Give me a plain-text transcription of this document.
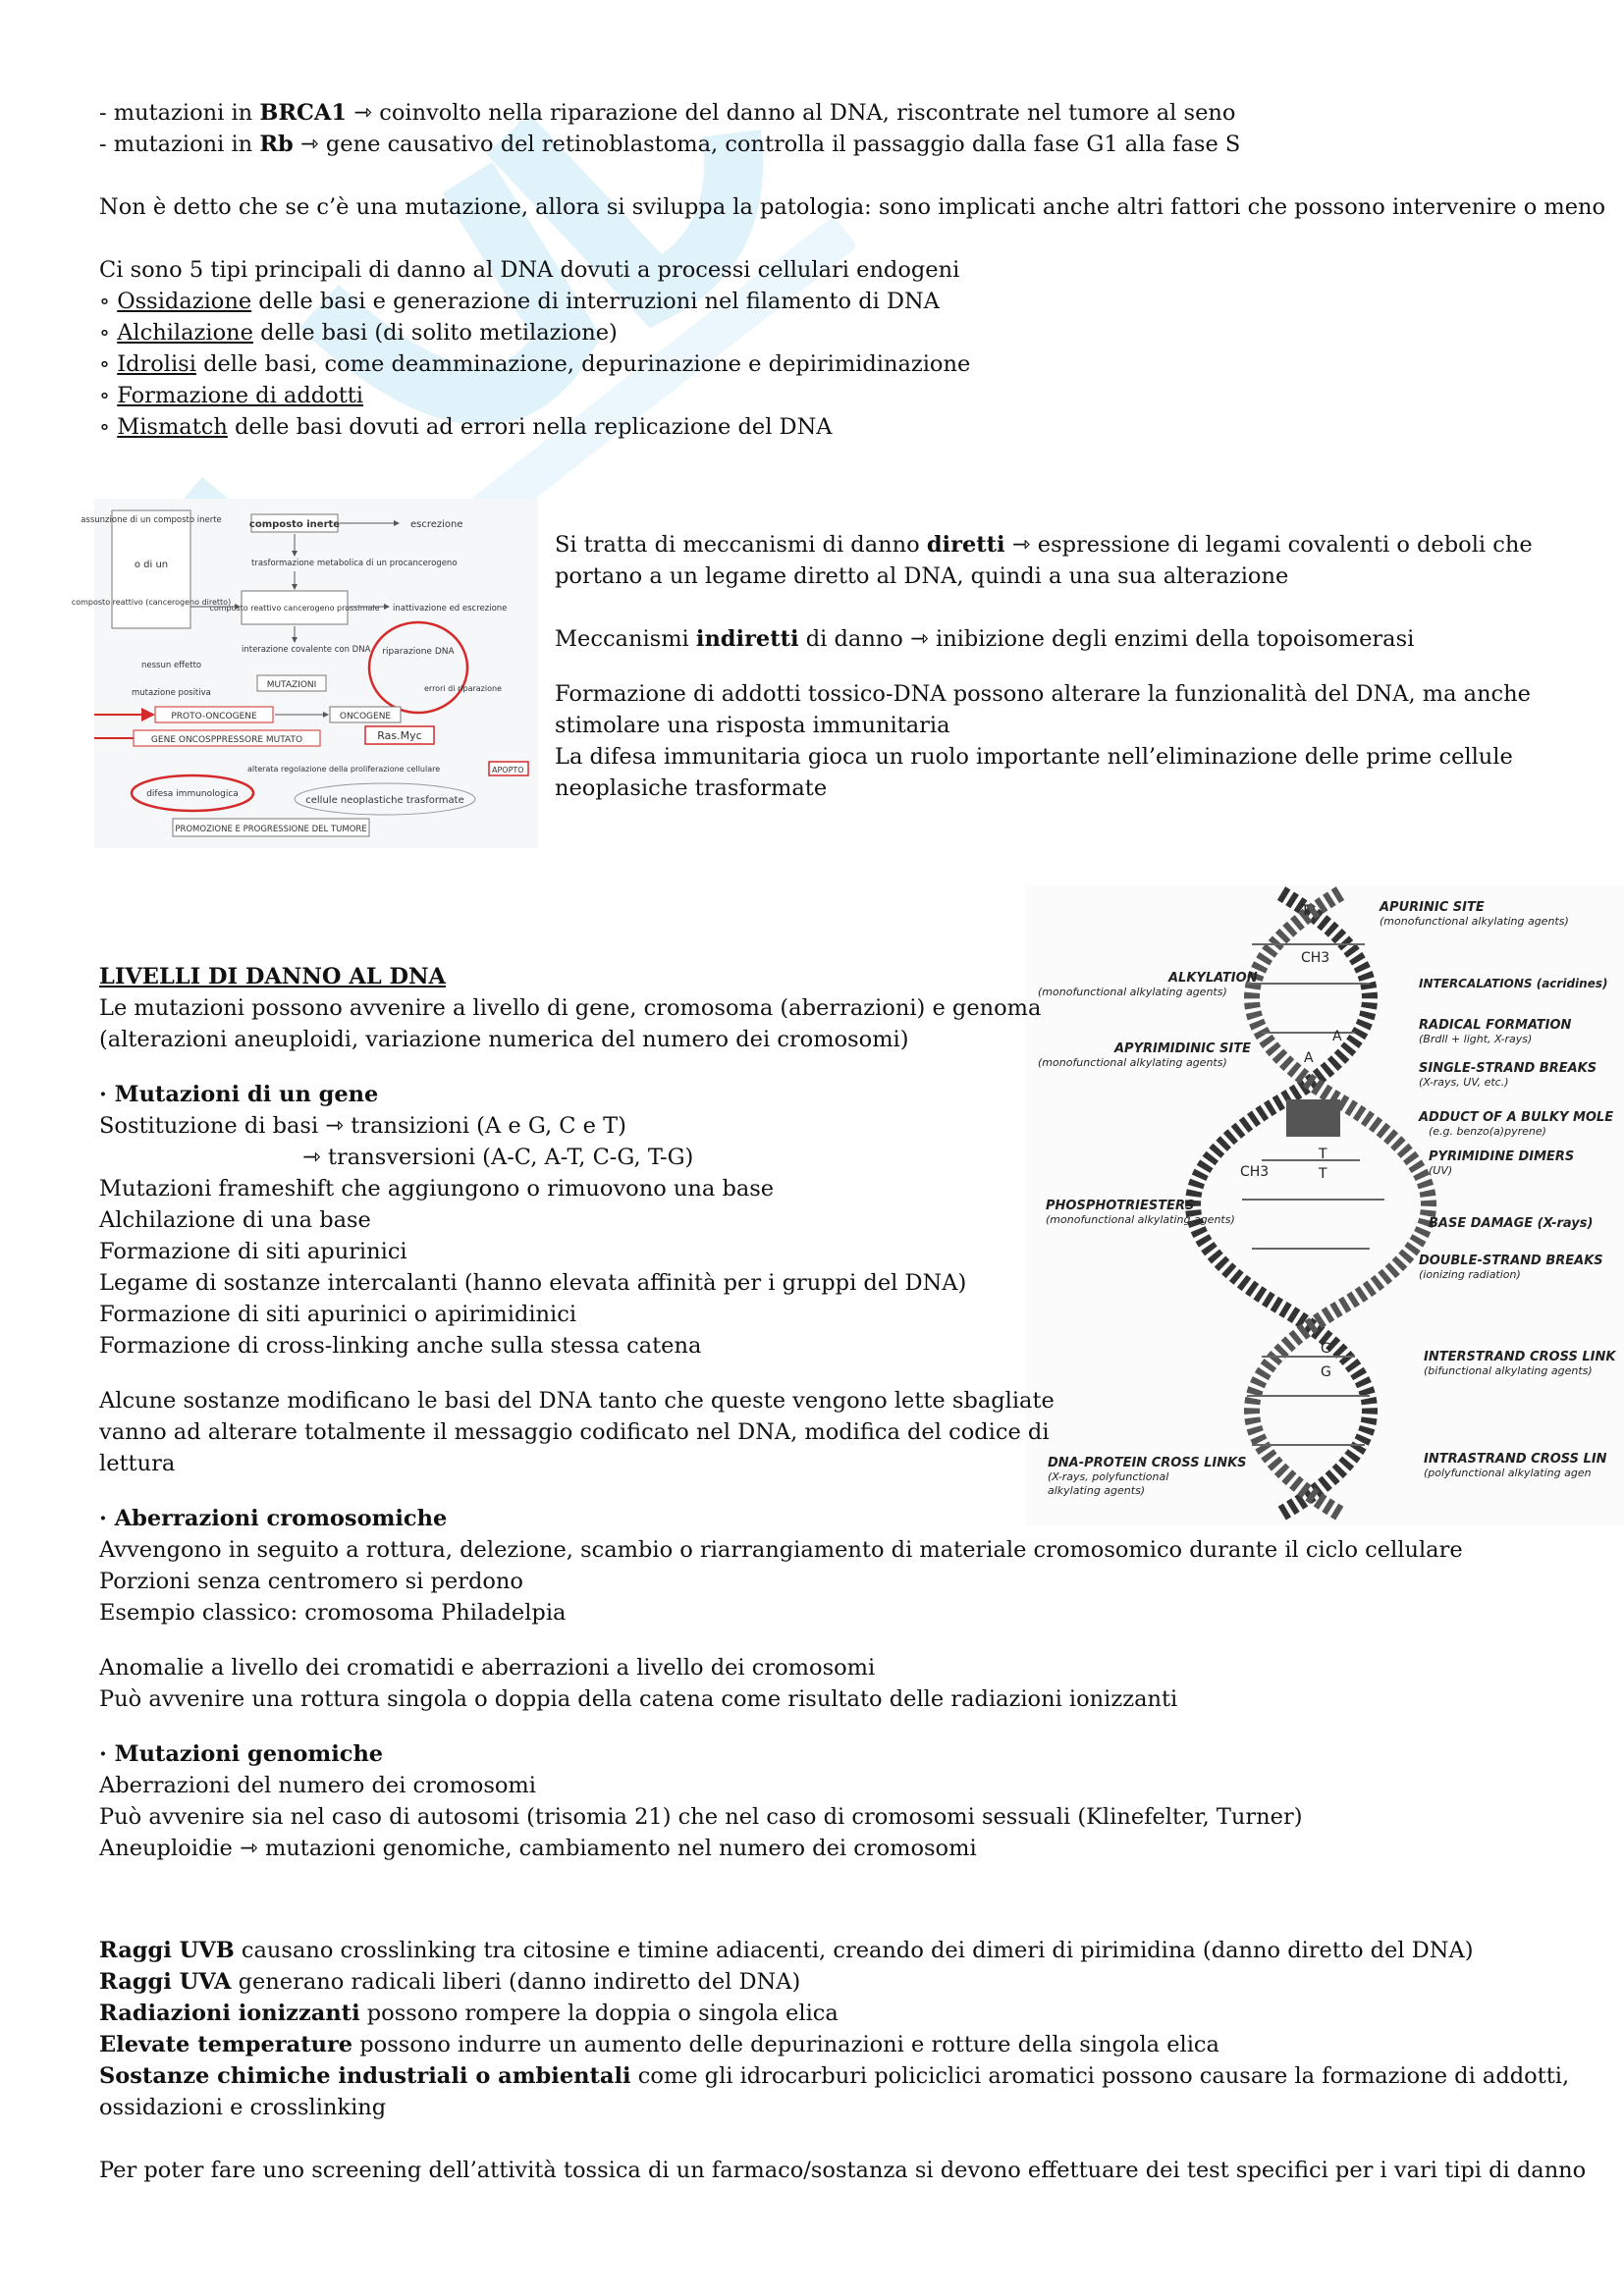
- mutazioni in BRCA1 ⇾ coinvolto nella riparazione del danno al DNA, riscontrate nel tumore al seno
- mutazioni in Rb ⇾ gene causativo del retinoblastoma, controlla il passaggio dalla fase G1 alla fase S
Non è detto che se c’è una mutazione, allora si sviluppa la patologia: sono implicati anche altri fattori che possono intervenire o meno
Ci sono 5 tipi principali di danno al DNA dovuti a processi cellulari endogeni
∘ Ossidazione delle basi e generazione di interruzioni nel filamento di DNA
∘ Alchilazione delle basi (di solito metilazione)
∘ Idrolisi delle basi, come deamminazione, depurinazione e depirimidinazione
∘ Formazione di addotti
∘ Mismatch delle basi dovuti ad errori nella replicazione del DNA
assunzione di un composto inerte
o di un
composto reattivo (cancerogeno diretto)
composto inerte	escrezione
trasformazione metabolica di un procancerogeno
composto reattivo cancerogeno prossimale inattivazione ed escrezione
interazione covalente con DNA riparazione DNA
nessun effetto
MUTAZIONI	errori di riparazione
mutazione positiva
PROTO-ONCOGENE	ONCOGENE
Ras.Myc
GENE ONCOSPPRESSORE MUTATO
APOPTO
alterata regolazione della proliferazione cellulare
difesa immunologica
cellule neoplastiche trasformate
PROMOZIONE E PROGRESSIONE DEL TUMORE
Si tratta di meccanismi di danno diretti ⇾ espressione di legami covalenti o deboli che
portano a un legame diretto al DNA, quindi a una sua alterazione
Meccanismi indiretti di danno ⇾ inibizione degli enzimi della topoisomerasi
Formazione di addotti tossico-DNA possono alterare la funzionalità del DNA, ma anche
stimolare una risposta immunitaria
La difesa immunitaria gioca un ruolo importante nell’eliminazione delle prime cellule
neoplasiche trasformate
T
CH3
A
A
T
T
CH3
G
G
APURINIC SITE
(monofunctional alkylating agents)
ALKYLATION
(monofunctional alkylating agents)
INTERCALATIONS (acridines)
APYRIMIDINIC SITE
(monofunctional alkylating agents)
RADICAL FORMATION
(Brdll + light, X-rays)
SINGLE-STRAND BREAKS
(X-rays, UV, etc.)
ADDUCT OF A BULKY MOLE
(e.g. benzo(a)pyrene)
PYRIMIDINE DIMERS
(UV)
PHOSPHOTRIESTERS
(monofunctional alkylating agents)	BASE DAMAGE (X-rays)
DOUBLE-STRAND BREAKS
(ionizing radiation)
INTERSTRAND CROSS LINK
(bifunctional alkylating agents)
DNA-PROTEIN CROSS LINKS
(X-rays, polyfunctional
alkylating agents)
INTRASTRAND CROSS LIN
(polyfunctional alkylating agen
LIVELLI DI DANNO AL DNA
Le mutazioni possono avvenire a livello di gene, cromosoma (aberrazioni) e genoma
(alterazioni aneuploidi, variazione numerica del numero dei cromosomi)
· Mutazioni di un gene
Sostituzione di basi ⇾ transizioni (A e G, C e T)
⇾ transversioni (A-C, A-T, C-G, T-G)
Mutazioni frameshift che aggiungono o rimuovono una base
Alchilazione di una base
Formazione di siti apurinici
Legame di sostanze intercalanti (hanno elevata affinità per i gruppi del DNA)
Formazione di siti apurinici o apirimidinici
Formazione di cross-linking anche sulla stessa catena
Alcune sostanze modificano le basi del DNA tanto che queste vengono lette sbagliate
vanno ad alterare totalmente il messaggio codificato nel DNA, modifica del codice di
lettura
· Aberrazioni cromosomiche
Avvengono in seguito a rottura, delezione, scambio o riarrangiamento di materiale cromosomico durante il ciclo cellulare
Porzioni senza centromero si perdono
Esempio classico: cromosoma Philadelpia
Anomalie a livello dei cromatidi e aberrazioni a livello dei cromosomi
Può avvenire una rottura singola o doppia della catena come risultato delle radiazioni ionizzanti
· Mutazioni genomiche
Aberrazioni del numero dei cromosomi
Può avvenire sia nel caso di autosomi (trisomia 21) che nel caso di cromosomi sessuali (Klinefelter, Turner)
Aneuploidie ⇾ mutazioni genomiche, cambiamento nel numero dei cromosomi
Raggi UVB causano crosslinking tra citosine e timine adiacenti, creando dei dimeri di pirimidina (danno diretto del DNA)
Raggi UVA generano radicali liberi (danno indiretto del DNA)
Radiazioni ionizzanti possono rompere la doppia o singola elica
Elevate temperature possono indurre un aumento delle depurinazioni e rotture della singola elica
Sostanze chimiche industriali o ambientali come gli idrocarburi policiclici aromatici possono causare la formazione di addotti,
ossidazioni e crosslinking
Per poter fare uno screening dell’attività tossica di un farmaco/sostanza si devono effettuare dei test specifici per i vari tipi di danno
